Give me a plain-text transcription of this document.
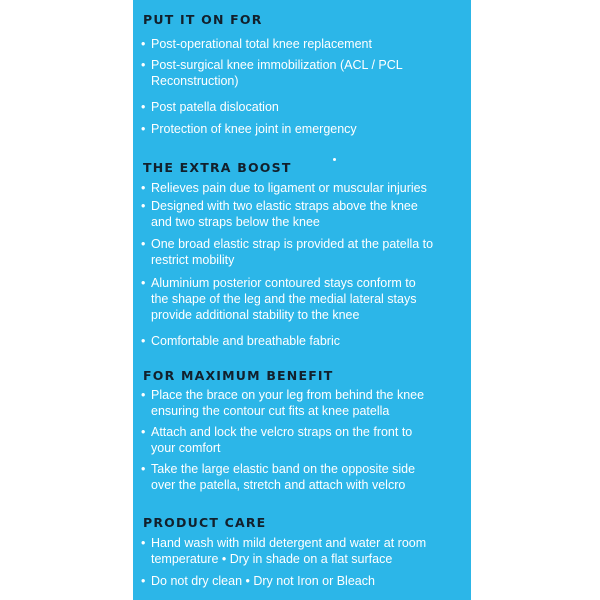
PUT IT ON FOR
• Post-operational total knee replacement
• Post-surgical knee immobilization (ACL / PCL
Reconstruction)
• Post patella dislocation
• Protection of knee joint in emergency
THE EXTRA BOOST
• Relieves pain due to ligament or muscular injuries
• Designed with two elastic straps above the knee
and two straps below the knee
• One broad elastic strap is provided at the patella to
restrict mobility
• Aluminium posterior contoured stays conform to
the shape of the leg and the medial lateral stays
provide additional stability to the knee
• Comfortable and breathable fabric
FOR MAXIMUM BENEFIT
• Place the brace on your leg from behind the knee
ensuring the contour cut fits at knee patella
• Attach and lock the velcro straps on the front to
your comfort
• Take the large elastic band on the opposite side
over the patella, stretch and attach with velcro
PRODUCT CARE
• Hand wash with mild detergent and water at room
temperature • Dry in shade on a flat surface
• Do not dry clean • Dry not Iron or Bleach
